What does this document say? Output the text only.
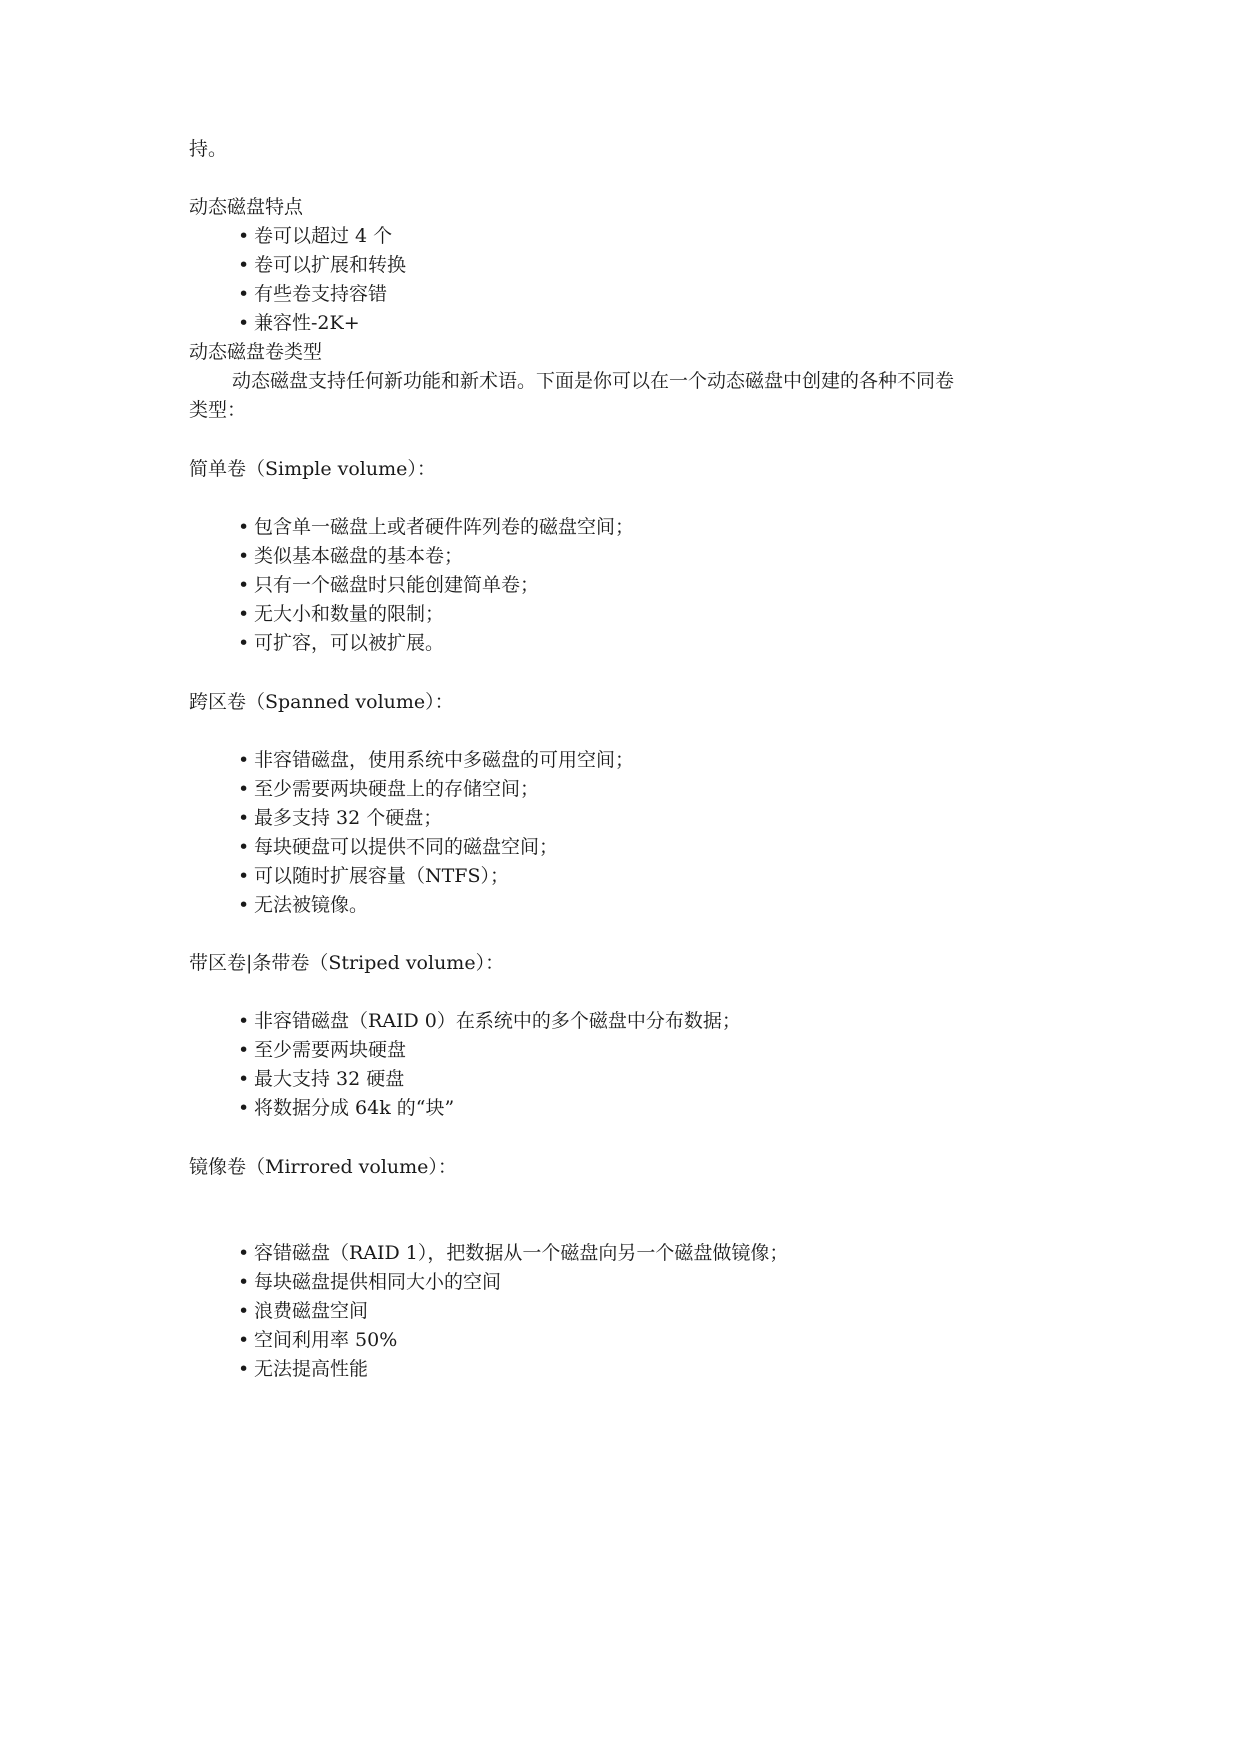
持。
动态磁盘特点
• 卷可以超过 4 个
• 卷可以扩展和转换
• 有些卷支持容错
• 兼容性-2K+
动态磁盘卷类型
动态磁盘支持任何新功能和新术语。下面是你可以在一个动态磁盘中创建的各种不同卷
类型：
简单卷（Simple volume）：
• 包含单一磁盘上或者硬件阵列卷的磁盘空间；
• 类似基本磁盘的基本卷；
• 只有一个磁盘时只能创建简单卷；
• 无大小和数量的限制；
• 可扩容，可以被扩展。
跨区卷（Spanned volume）：
• 非容错磁盘，使用系统中多磁盘的可用空间；
• 至少需要两块硬盘上的存储空间；
• 最多支持 32 个硬盘；
• 每块硬盘可以提供不同的磁盘空间；
• 可以随时扩展容量（NTFS）；
• 无法被镜像。
带区卷|条带卷（Striped volume）：
• 非容错磁盘（RAID 0）在系统中的多个磁盘中分布数据；
• 至少需要两块硬盘
• 最大支持 32 硬盘
• 将数据分成 64k 的“块”
镜像卷（Mirrored volume）：
• 容错磁盘（RAID 1），把数据从一个磁盘向另一个磁盘做镜像；
• 每块磁盘提供相同大小的空间
• 浪费磁盘空间
• 空间利用率 50%
• 无法提高性能
